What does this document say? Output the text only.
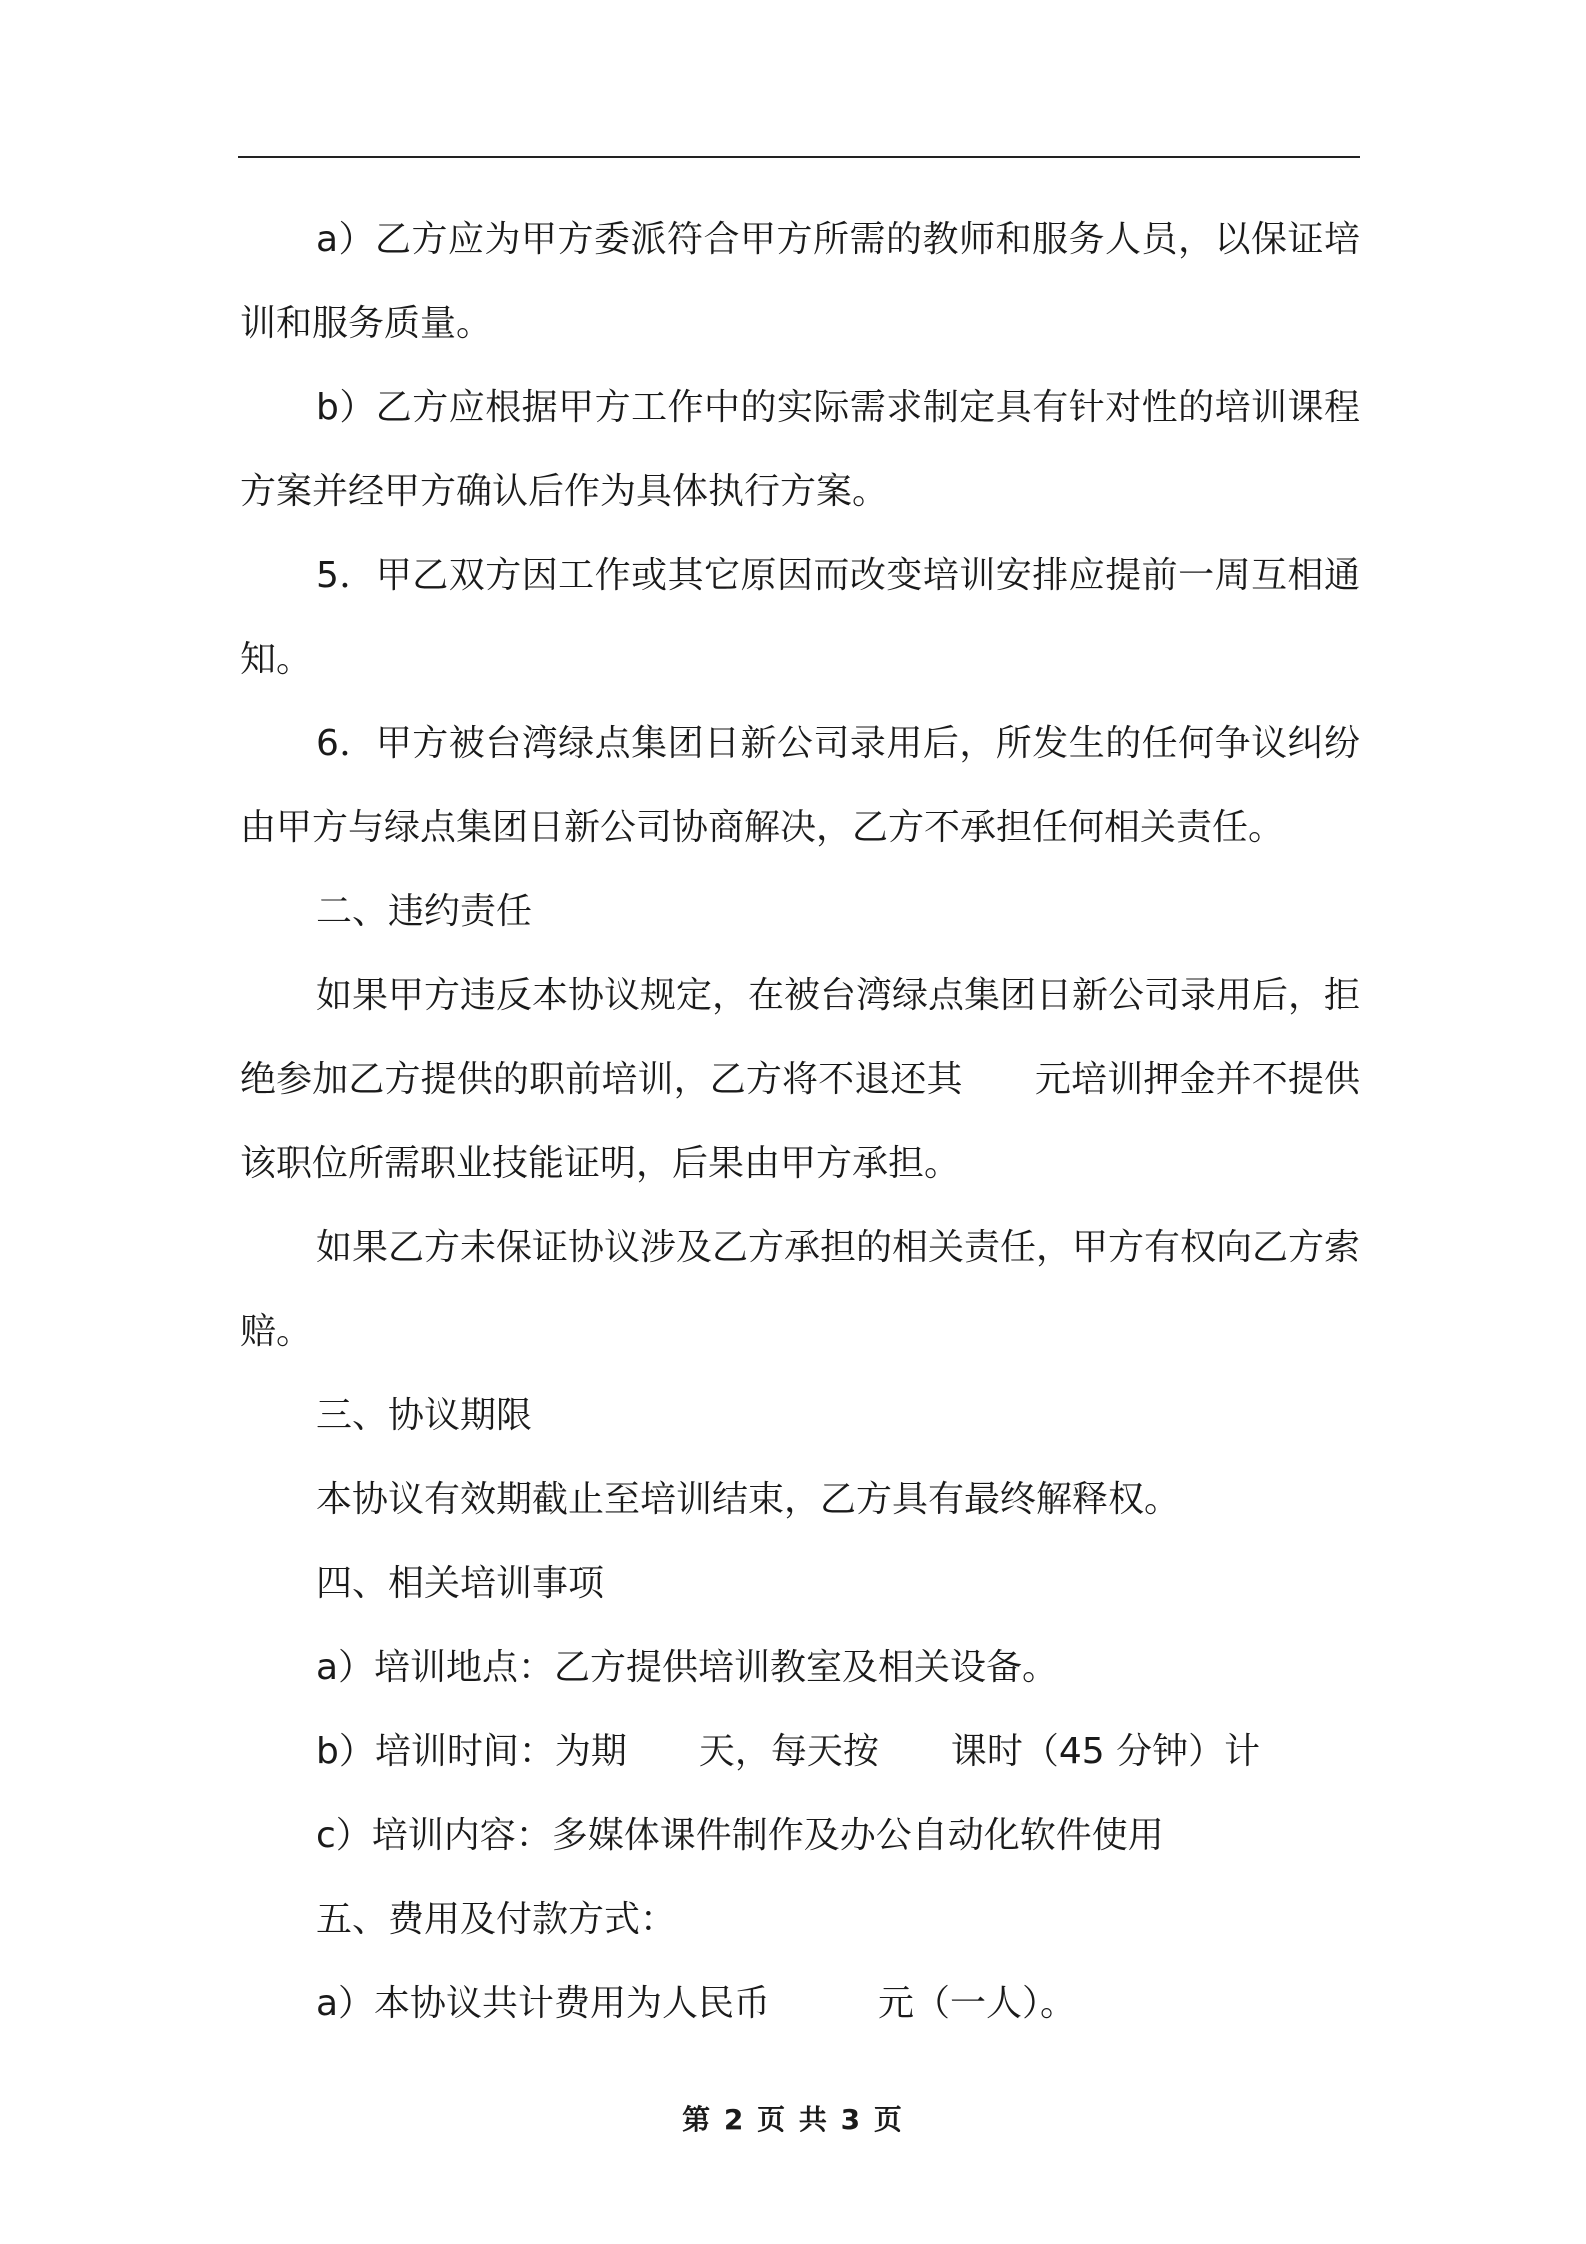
a）乙方应为甲方委派符合甲方所需的教师和服务人员，以保证培训和服务质量。

b）乙方应根据甲方工作中的实际需求制定具有针对性的培训课程方案并经甲方确认后作为具体执行方案。

5．甲乙双方因工作或其它原因而改变培训安排应提前一周互相通知。

6．甲方被台湾绿点集团日新公司录用后，所发生的任何争议纠纷由甲方与绿点集团日新公司协商解决，乙方不承担任何相关责任。

二、违约责任

如果甲方违反本协议规定，在被台湾绿点集团日新公司录用后，拒绝参加乙方提供的职前培训，乙方将不退还其　　元培训押金并不提供该职位所需职业技能证明，后果由甲方承担。

如果乙方未保证协议涉及乙方承担的相关责任，甲方有权向乙方索赔。

三、协议期限

本协议有效期截止至培训结束，乙方具有最终解释权。

四、相关培训事项

a）培训地点：乙方提供培训教室及相关设备。

b）培训时间：为期　　天，每天按　　课时（45 分钟）计

c）培训内容：多媒体课件制作及办公自动化软件使用

五、费用及付款方式：

a）本协议共计费用为人民币　　　元（一人）。

第 2 页 共 3 页
